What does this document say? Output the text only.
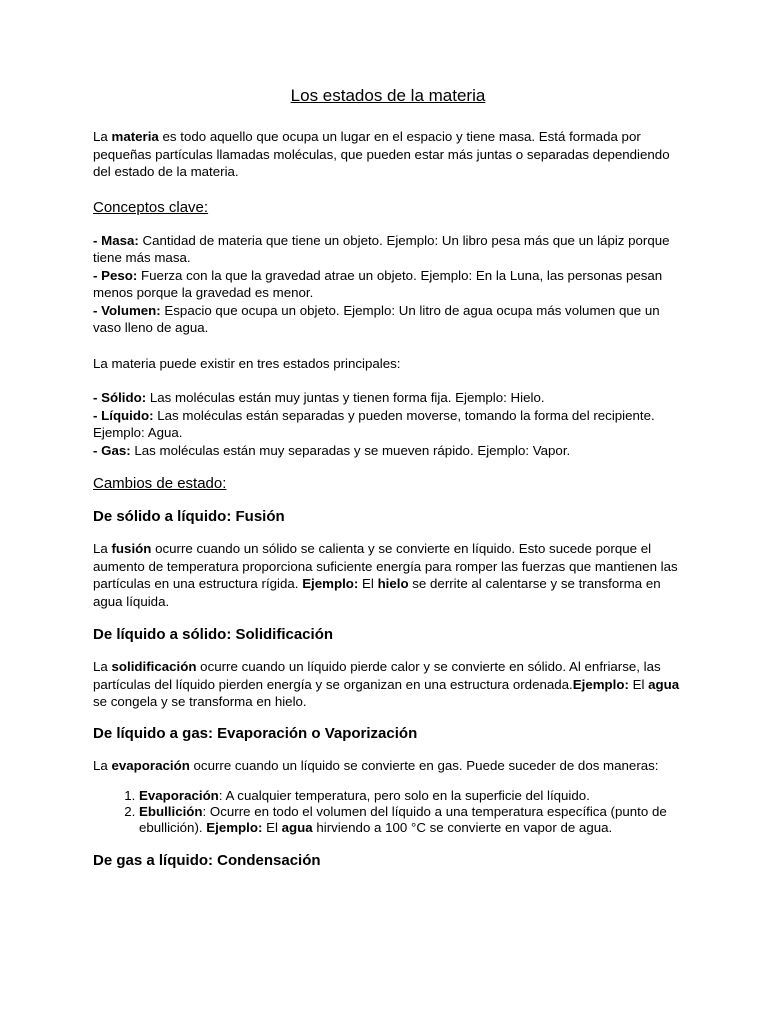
Los estados de la materia

La materia es todo aquello que ocupa un lugar en el espacio y tiene masa. Está formada por pequeñas partículas llamadas moléculas, que pueden estar más juntas o separadas dependiendo del estado de la materia.

Conceptos clave:

- Masa: Cantidad de materia que tiene un objeto. Ejemplo: Un libro pesa más que un lápiz porque tiene más masa.

- Peso: Fuerza con la que la gravedad atrae un objeto. Ejemplo: En la Luna, las personas pesan menos porque la gravedad es menor.

- Volumen: Espacio que ocupa un objeto. Ejemplo: Un litro de agua ocupa más volumen que un vaso lleno de agua.

La materia puede existir en tres estados principales:

- Sólido: Las moléculas están muy juntas y tienen forma fija. Ejemplo: Hielo.

- Líquido: Las moléculas están separadas y pueden moverse, tomando la forma del recipiente. Ejemplo: Agua.

- Gas: Las moléculas están muy separadas y se mueven rápido. Ejemplo: Vapor.

Cambios de estado:
De sólido a líquido: Fusión

La fusión ocurre cuando un sólido se calienta y se convierte en líquido. Esto sucede porque el aumento de temperatura proporciona suficiente energía para romper las fuerzas que mantienen las partículas en una estructura rígida. Ejemplo: El hielo se derrite al calentarse y se transforma en agua líquida.

De líquido a sólido: Solidificación

La solidificación ocurre cuando un líquido pierde calor y se convierte en sólido. Al enfriarse, las partículas del líquido pierden energía y se organizan en una estructura ordenada.Ejemplo: El agua se congela y se transforma en hielo.

De líquido a gas: Evaporación o Vaporización

La evaporación ocurre cuando un líquido se convierte en gas. Puede suceder de dos maneras:

1. Evaporación: A cualquier temperatura, pero solo en la superficie del líquido.
2. Ebullición: Ocurre en todo el volumen del líquido a una temperatura específica (punto de ebullición). Ejemplo: El agua hirviendo a 100 °C se convierte en vapor de agua.
De gas a líquido: Condensación
